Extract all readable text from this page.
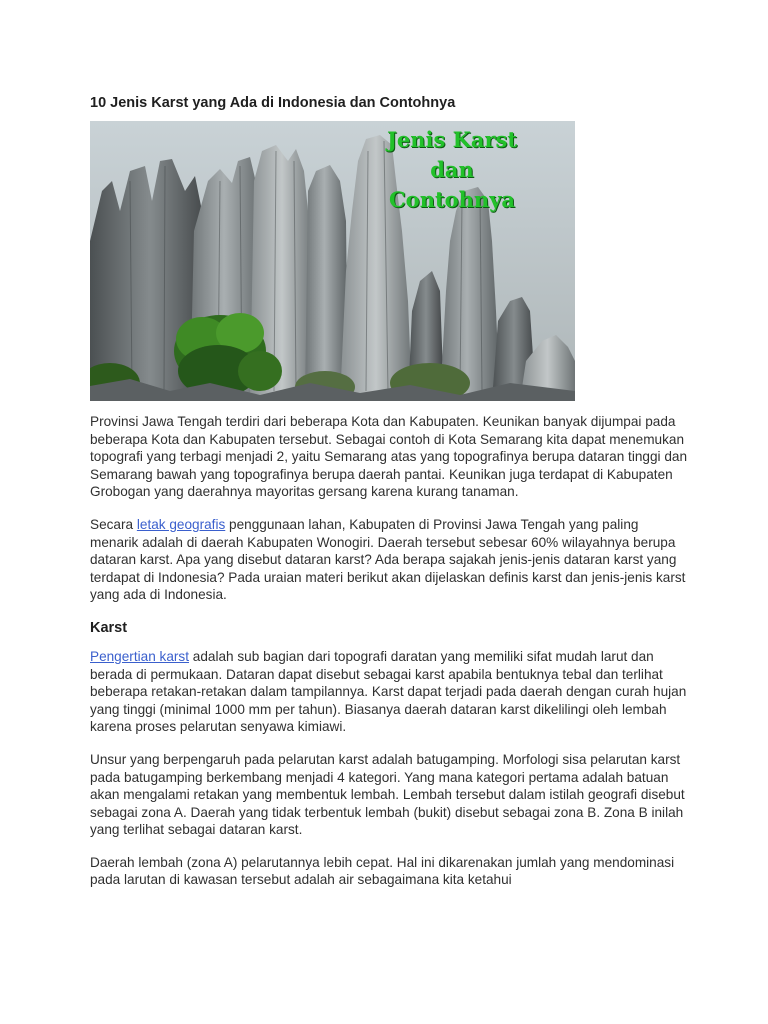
10 Jenis Karst yang Ada di Indonesia dan Contohnya
Jenis Karst
dan
Contohnya

Provinsi Jawa Tengah terdiri dari beberapa Kota dan Kabupaten. Keunikan banyak dijumpai pada beberapa Kota dan Kabupaten tersebut. Sebagai contoh di Kota Semarang kita dapat menemukan topografi yang terbagi menjadi 2, yaitu Semarang atas yang topografinya berupa dataran tinggi dan Semarang bawah yang topografinya berupa daerah pantai. Keunikan juga terdapat di Kabupaten Grobogan yang daerahnya mayoritas gersang karena kurang tanaman.

Secara letak geografis penggunaan lahan, Kabupaten di Provinsi Jawa Tengah yang paling menarik adalah di daerah Kabupaten Wonogiri. Daerah tersebut sebesar 60% wilayahnya berupa dataran karst. Apa yang disebut dataran karst? Ada berapa sajakah jenis-jenis dataran karst yang terdapat di Indonesia? Pada uraian materi berikut akan dijelaskan definis karst dan jenis-jenis karst yang ada di Indonesia.

Karst

Pengertian karst adalah sub bagian dari topografi daratan yang memiliki sifat mudah larut dan berada di permukaan. Dataran dapat disebut sebagai karst apabila bentuknya tebal dan terlihat beberapa retakan-retakan dalam tampilannya. Karst dapat terjadi pada daerah dengan curah hujan yang tinggi (minimal 1000 mm per tahun). Biasanya daerah dataran karst dikelilingi oleh lembah karena proses pelarutan senyawa kimiawi.

Unsur yang berpengaruh pada pelarutan karst adalah batugamping. Morfologi sisa pelarutan karst pada batugamping berkembang menjadi 4 kategori. Yang mana kategori pertama adalah batuan akan mengalami retakan yang membentuk lembah. Lembah tersebut dalam istilah geografi disebut sebagai zona A. Daerah yang tidak terbentuk lembah (bukit) disebut sebagai zona B. Zona B inilah yang terlihat sebagai dataran karst.

Daerah lembah (zona A) pelarutannya lebih cepat. Hal ini dikarenakan jumlah yang mendominasi pada larutan di kawasan tersebut adalah air sebagaimana kita ketahui
